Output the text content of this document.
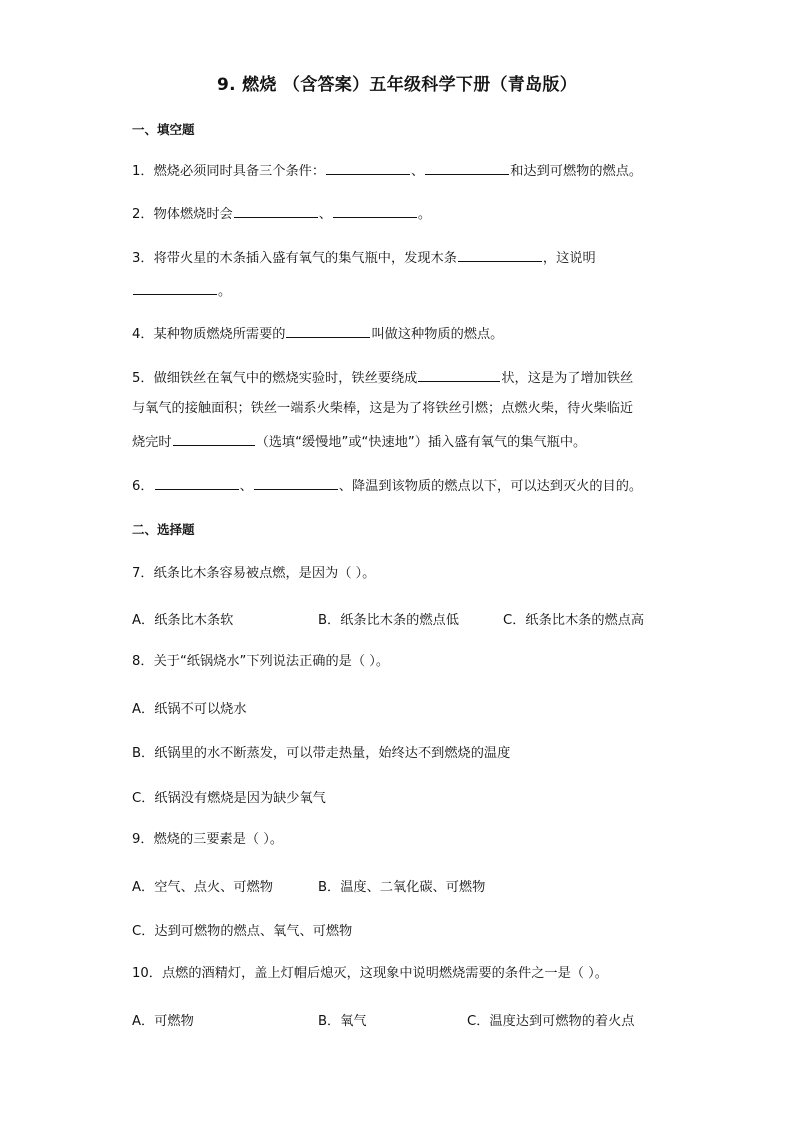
9. 燃烧 （含答案）五年级科学下册（青岛版）
一、填空题
1．燃烧必须同时具备三个条件：	、	和达到可燃物的燃点。
2．物体燃烧时会	、	。
3．将带火星的木条插入盛有氧气的集气瓶中，发现木条	，这说明
。
4．某种物质燃烧所需要的	叫做这种物质的燃点。
5．做细铁丝在氧气中的燃烧实验时，铁丝要绕成	状，这是为了增加铁丝
与氧气的接触面积；铁丝一端系火柴棒，这是为了将铁丝引燃；点燃火柴，待火柴临近
烧完时	（选填“缓慢地”或“快速地”）插入盛有氧气的集气瓶中。
6．	、	、降温到该物质的燃点以下，可以达到灭火的目的。
二、选择题
7．纸条比木条容易被点燃，是因为（ ）。
A．纸条比木条软	B．纸条比木条的燃点低	C．纸条比木条的燃点高
8．关于“纸锅烧水”下列说法正确的是（ ）。
A．纸锅不可以烧水
B．纸锅里的水不断蒸发，可以带走热量，始终达不到燃烧的温度
C．纸锅没有燃烧是因为缺少氧气
9．燃烧的三要素是（ ）。
A．空气、点火、可燃物	B．温度、二氧化碳、可燃物
C．达到可燃物的燃点、氧气、可燃物
10．点燃的酒精灯，盖上灯帽后熄灭，这现象中说明燃烧需要的条件之一是（ ）。
A．可燃物	B．氧气	C．温度达到可燃物的着火点
